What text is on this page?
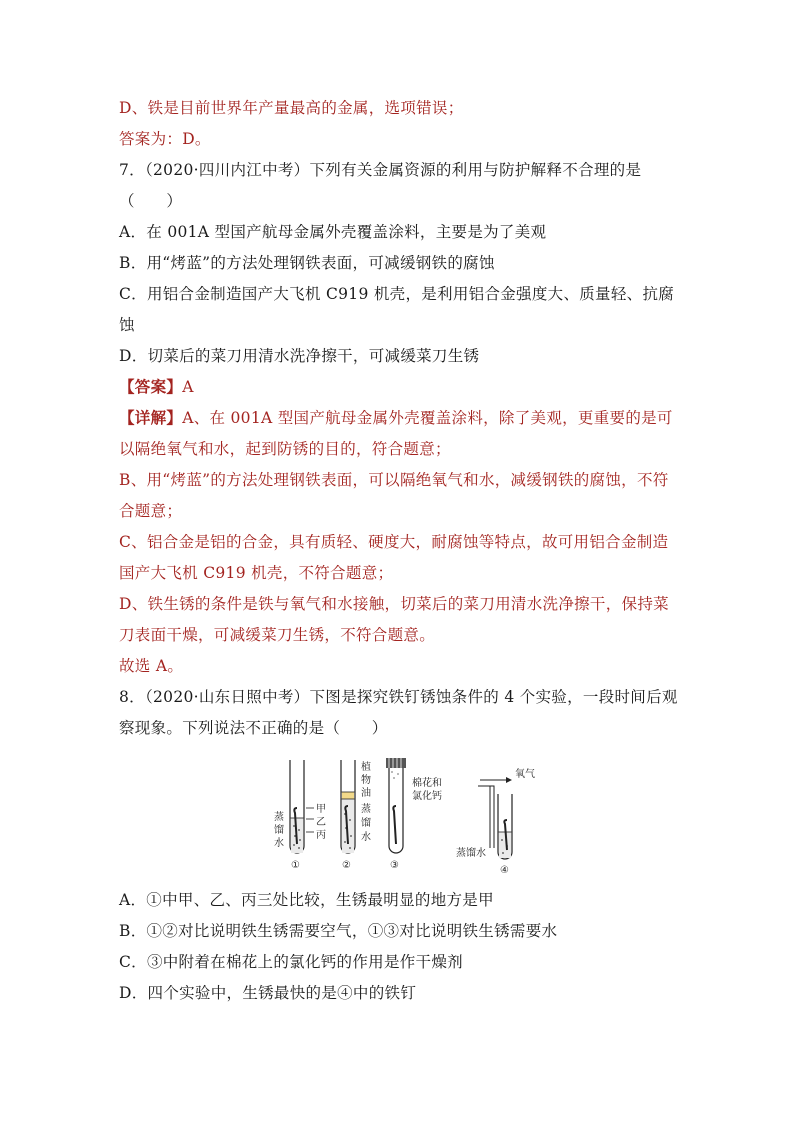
D、铁是目前世界年产量最高的金属，选项错误；
答案为：D。
7．（2020·四川内江中考）下列有关金属资源的利用与防护解释不合理的是
（　　）
A．在 001A 型国产航母金属外壳覆盖涂料，主要是为了美观
B．用“烤蓝”的方法处理钢铁表面，可减缓钢铁的腐蚀
C．用铝合金制造国产大飞机 C919 机壳，是利用铝合金强度大、质量轻、抗腐
蚀
D．切菜后的菜刀用清水洗净擦干，可减缓菜刀生锈
【答案】A
【详解】A、在 001A 型国产航母金属外壳覆盖涂料，除了美观，更重要的是可
以隔绝氧气和水，起到防锈的目的，符合题意；
B、用“烤蓝”的方法处理钢铁表面，可以隔绝氧气和水，减缓钢铁的腐蚀，不符
合题意；
C、铝合金是铝的合金，具有质轻、硬度大，耐腐蚀等特点，故可用铝合金制造
国产大飞机 C919 机壳，不符合题意；
D、铁生锈的条件是铁与氧气和水接触，切菜后的菜刀用清水洗净擦干，保持菜
刀表面干燥，可减缓菜刀生锈，不符合题意。
故选 A。
8．（2020·山东日照中考）下图是探究铁钉锈蚀条件的 4 个实验，一段时间后观
察现象。下列说法不正确的是（　　）
蒸
馏
水
甲
乙
丙
①
植
物
油
蒸
馏
水
②
棉花和
氯化钙
③
氧气
蒸馏水
④
A．①中甲、乙、丙三处比较，生锈最明显的地方是甲
B．①②对比说明铁生锈需要空气，①③对比说明铁生锈需要水
C．③中附着在棉花上的氯化钙的作用是作干燥剂
D．四个实验中，生锈最快的是④中的铁钉
